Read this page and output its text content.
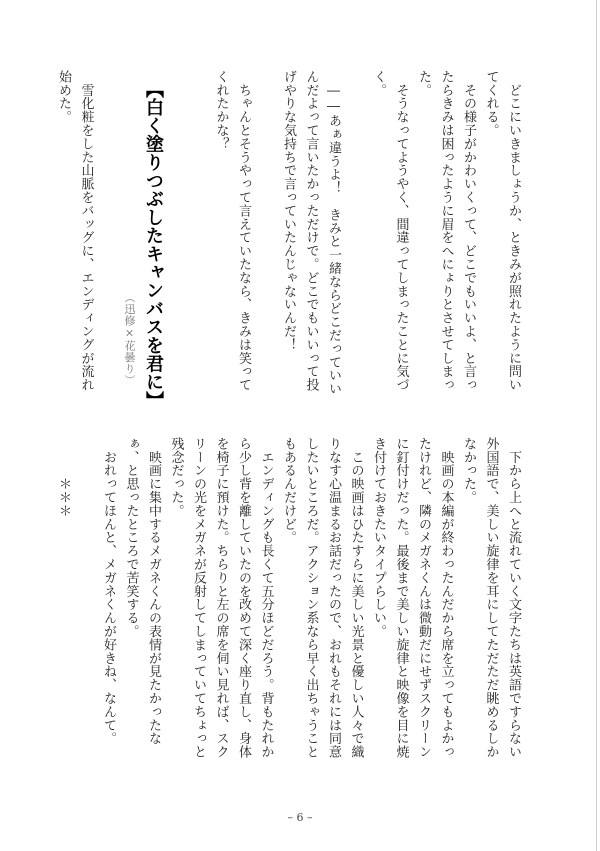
　どこにいきましょうか、ときみが照れたように問い
てくれる。
　その様子がかわいくって、どこでもいいよ、と言っ
たらきみは困ったように眉をへにょりとさせてしまっ
た。
　そうなってようやく、間違ってしまったことに気づ
く。
　――あぁ違うよ！　きみと一緒ならどこだっていい
んだよって言いたかっただけで。どこでもいいって投
げやりな気持ちで言っていたんじゃないんだ！
　ちゃんとそうやって言えていたなら、きみは笑って
くれたかな？
　雪化粧をした山脈をバッグに、エンディングが流れ
始めた。	【白く塗りつぶしたキャンバスを君に】
（迅修×花曇り）
　下から上へと流れていく文字たちは英語ですらない
外国語で、美しい旋律を耳にしてただただ眺めるしか
なかった。
　映画の本編が終わったんだから席を立ってもよかっ
たけれど、隣のメガネくんは微動だにせずスクリーン
に釘付けだった。最後まで美しい旋律と映像を目に焼
き付けておきたいタイプらしい。
　この映画はひたすらに美しい光景と優しい人々で織
りなす心温まるお話だったので、おれもそれには同意
したいところだ。アクション系なら早く出ちゃうこと
もあるんだけど。
　エンディングも長くて五分ほどだろう。背もたれか
ら少し背を離していたのを改めて深く座り直し、身体
を椅子に預けた。ちらりと左の席を伺い見れば、スク
リーンの光をメガネが反射してしまっていてちょっと
残念だった。
　映画に集中するメガネくんの表情が見たかったな
ぁ、と思ったところで苦笑する。
　おれってほんと、メガネくんが好きね、なんて。
　　　＊＊＊
– 6 –
